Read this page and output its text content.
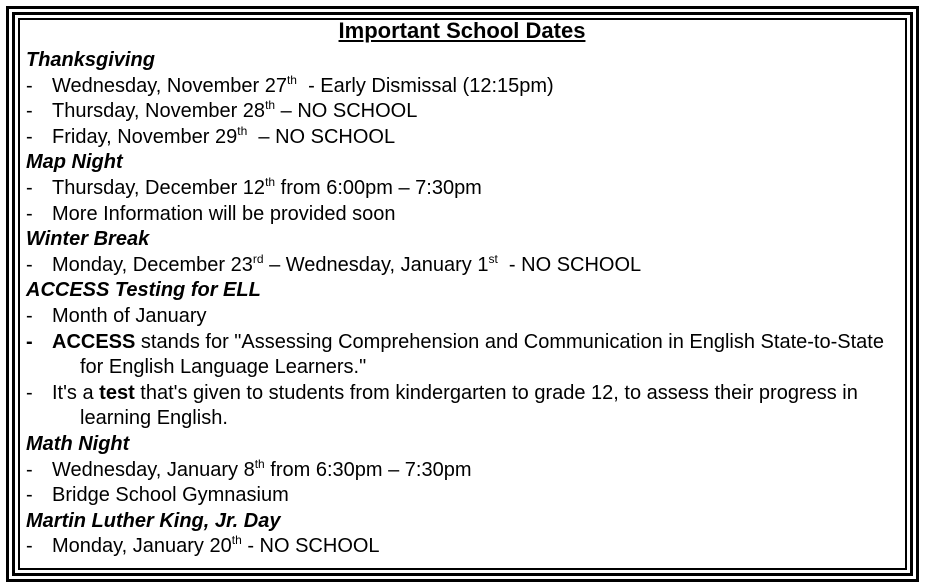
Important School Dates
Thanksgiving
- Wednesday, November 27th  - Early Dismissal (12:15pm)
- Thursday, November 28th – NO SCHOOL
- Friday, November 29th  – NO SCHOOL
Map Night
- Thursday, December 12th from 6:00pm – 7:30pm
- More Information will be provided soon
Winter Break
- Monday, December 23rd – Wednesday, January 1st  - NO SCHOOL
ACCESS Testing for ELL
- Month of January
- ACCESS stands for "Assessing Comprehension and Communication in English State-to-State for English Language Learners."
- It's a test that's given to students from kindergarten to grade 12, to assess their progress in learning English.
Math Night
- Wednesday, January 8th from 6:30pm – 7:30pm
- Bridge School Gymnasium
Martin Luther King, Jr. Day
- Monday, January 20th - NO SCHOOL
